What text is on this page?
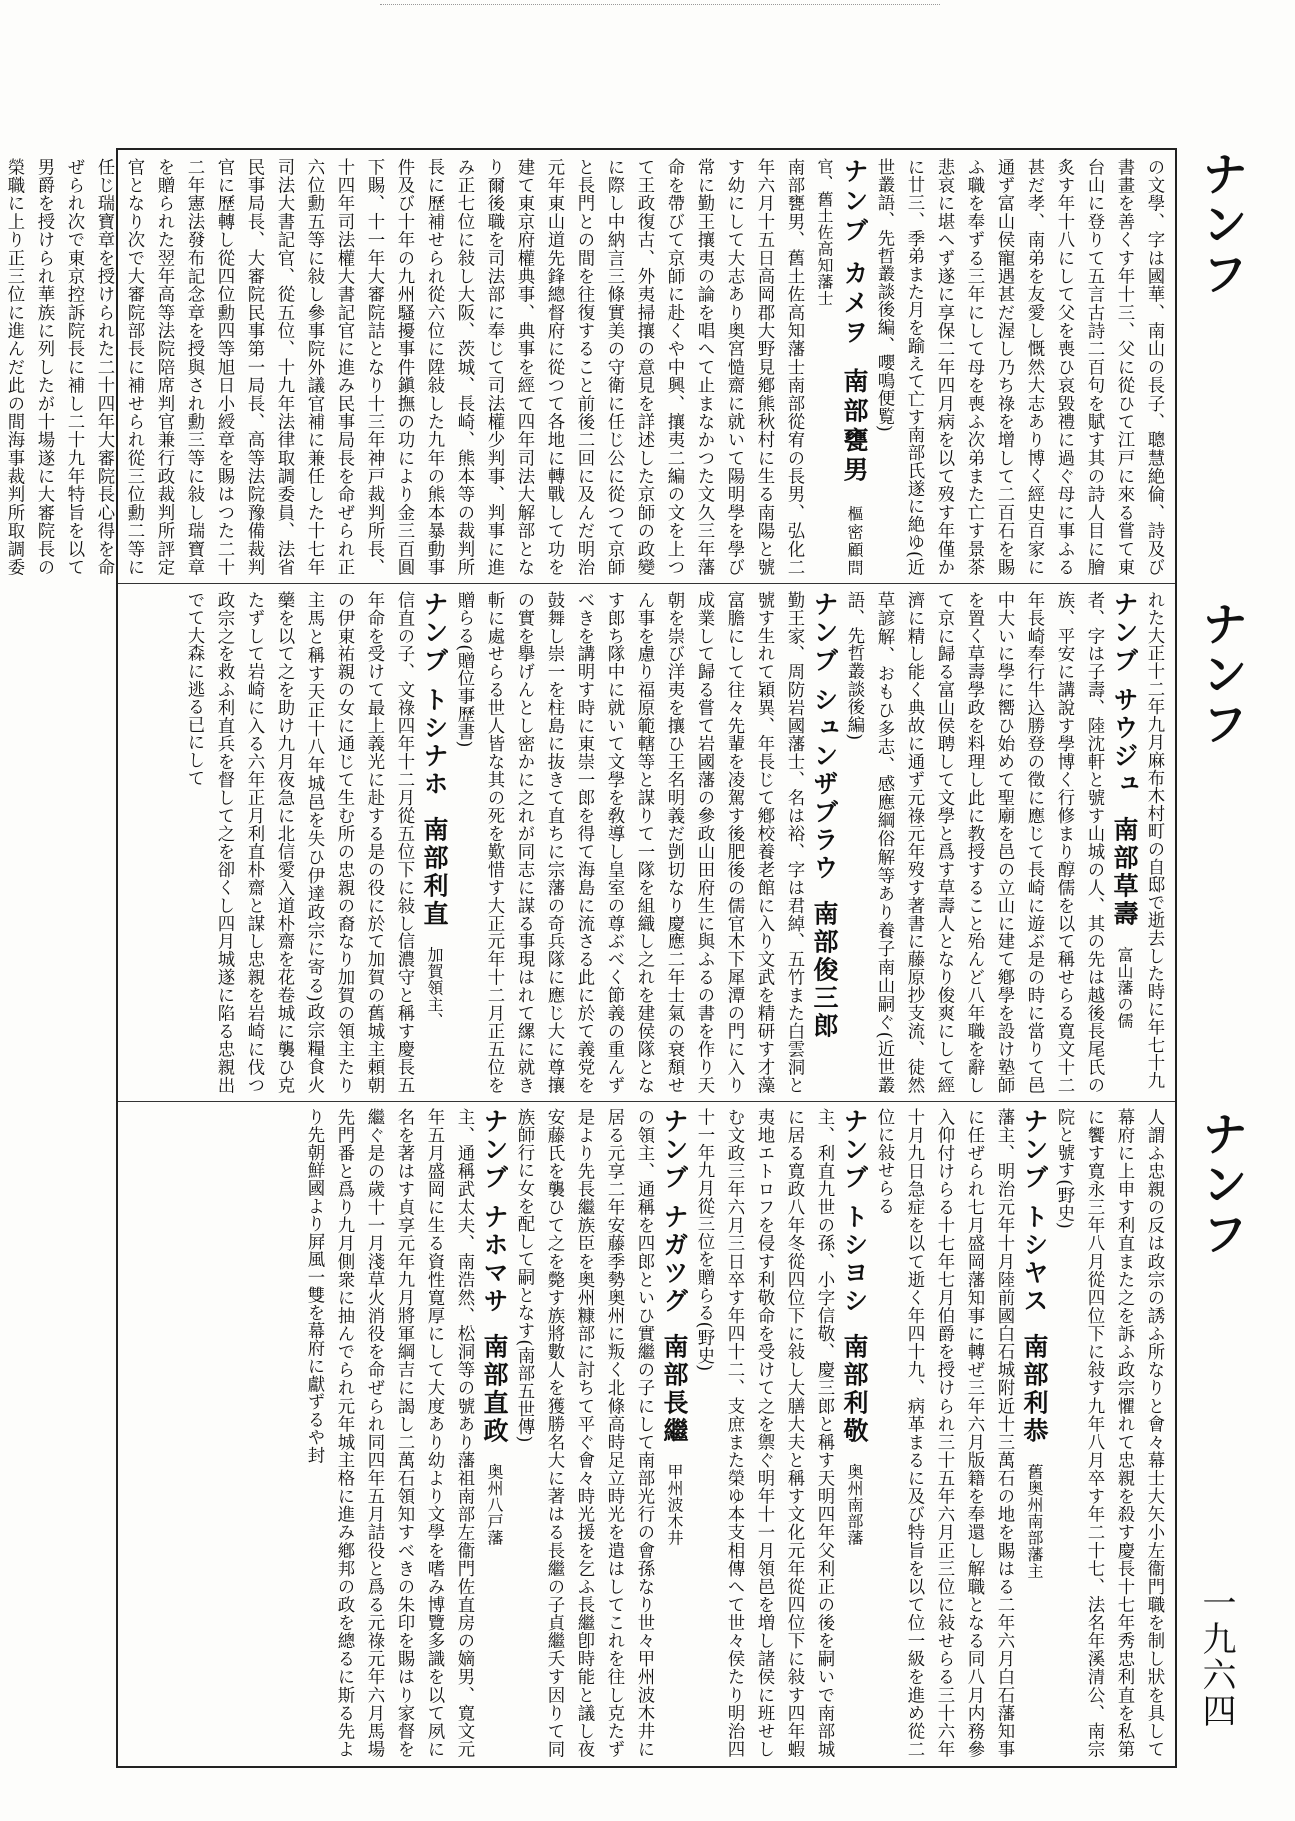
ナンフ
ナンフ
ナンフ
一九六四

の文學、字は國華、南山の長子、聰慧絶倫、詩及び書畫を善くす年十三、父に從ひて江戸に來る嘗て東台山に登りて五言古詩二百句を賦す其の詩人目に膾炙す年十八にして父を喪ひ哀毀禮に過ぐ母に事ふる甚だ孝、南弟を友愛し慨然大志あり博く經史百家に通ず富山侯寵遇甚だ渥し乃ち祿を增して二百石を賜ふ職を奉ずる三年にして母を喪ふ次弟また亡す景茶悲哀に堪へず遂に享保二年四月病を以て歿す年僅かに廿三、季弟また月を踰えて亡す南部氏遂に絶ゆ(近世叢語、先哲叢談後編、嚶鳴便覧)

ナンブ カメヲ　南部甕男　樞密顧問官、舊土佐高知藩士

南部甕男、舊土佐高知藩士南部從宥の長男、弘化二年六月十五日高岡郡大野見鄕熊秋村に生る南陽と號す幼にして大志あり奥宮慥齋に就いて陽明學を學び常に勤王攘夷の論を唱へて止まなかつた文久三年藩命を帶びて京師に赴くや中興、攘夷二編の文を上つて王政復古、外夷掃攘の意見を詳述した京師の政變に際し中納言三條實美の守衛に任じ公に從つて京師と長門との間を往復すること前後二回に及んだ明治元年東山道先鋒總督府に從つて各地に轉戰して功を建て東京府權典事、典事を經て四年司法大解部となり爾後職を司法部に奉じて司法權少判事、判事に進み正七位に敍し大阪、茨城、長崎、熊本等の裁判所長に歷補せられ從六位に陞敍した九年の熊本暴動事件及び十年の九州騷擾事件鎭撫の功により金三百圓下賜、十一年大審院詰となり十三年神戸裁判所長、十四年司法權大書記官に進み民事局長を命ぜられ正六位勳五等に敍し參事院外議官補に兼任した十七年司法大書記官、從五位、十九年法律取調委員、法省民事局長、大審院民事第一局長、高等法院豫備裁判官に歷轉し從四位勳四等旭日小綬章を賜はつた二十二年憲法發布記念章を授與され勳三等に敍し瑞寶章を贈られた翌年高等法院陪席判官兼行政裁判所評定官となり次で大審院部長に補せられ從三位勳二等に任じ瑞寶章を授けられた二十四年大審院長心得を命ぜられ次で東京控訴院長に補し二十九年特旨を以て男爵を授けられ華族に列したが十場遂に大審院長の榮職に上り正三位に進んだ此の間海事裁判所取調委

れた大正十二年九月麻布木村町の自邸で逝去した時に年七十九

ナンブ サウジュ　南部草壽　富山藩の儒

者、字は子壽、陸沈軒と號す山城の人、其の先は越後長尾氏の族、平安に講說す學博く行修まり醇儒を以て稱せらる寛文十二年長崎奉行牛込勝登の徵に應じて長崎に遊ぶ是の時に當りて邑中大いに學に嚮ひ始めて聖廟を邑の立山に建て鄕學を設け塾師を置く草壽學政を料理し此に教授すること殆んど八年職を辭して京に歸る富山侯聘して文學と爲す草壽人となり俊爽にして經濟に精し能く典故に通ず元祿元年歿す著書に藤原抄支流、徒然草諺解、おもひ多志、感應綱俗解等あり養子南山嗣ぐ(近世叢語、先哲叢談後編)

ナンブ シュンザブラウ　南部俊三郎

勤王家、周防岩國藩士、名は裕、字は君綽、五竹また白雲洞と號す生れて穎異、年長じて鄕校養老館に入り文武を精研す才藻富膽にして往々先輩を凌駕す後肥後の儒官木下犀潭の門に入り成業して歸る嘗て岩國藩の參政山田府生に與ふるの書を作り天朝を崇び洋夷を攘ひ王名明義だ剴切なり慶應二年士氣の衰頽せん事を慮り福原範轄等と謀りて一隊を組織し之れを建侯隊となす郎ち隊中に就いて文學を敎導し皇室の尊ぶべく節義の重んずべきを講明す時に東崇一郎を得て海島に流さる此に於て義党を鼓舞し崇一を柱島に抜きて直ちに宗藩の奇兵隊に應じ大に尊攘の實を擧げんとし密かに之れが同志に謀る事現はれて縲に就き斬に處せらる世人皆な其の死を歎惜す大正元年十二月正五位を贈らる(贈位事歷書)

ナンブ トシナホ　南部利直　加賀領主、

信直の子、文祿四年十二月從五位下に敍し信濃守と稱す慶長五年命を受けて最上義光に赴する是の役に於て加賀の舊城主頼朝の伊東祐親の女に通じて生む所の忠親の裔なり加賀の領主たり主馬と稱す天正十八年城邑を失ひ伊達政宗に寄る)政宗糧食火藥を以て之を助け九月夜急に北信愛入道朴齋を花卷城に襲ひ克たずして岩崎に入る六年正月利直朴齋と謀し忠親を岩崎に伐つ政宗之を救ふ利直兵を督して之を卻くし四月城遂に陷る忠親出でて大森に逃る已にして

人謂ふ忠親の反は政宗の誘ふ所なりと會々幕士大矢小左衞門職を制し狀を具して幕府に上申す利直また之を訴ふ政宗懼れて忠親を殺す慶長十七年秀忠利直を私第に饗す寛永三年八月從四位下に敍す九年八月卒す年二十七、法名年溪清公、南宗院と號す(野史)

ナンブ トシヤス　南部利恭　舊奥州南部藩主

藩主、明治元年十月陸前國白石城附近十三萬石の地を賜はる二年六月白石藩知事に任ぜられ七月盛岡藩知事に轉ぜ三年六月版籍を奉還し解職となる同八月内務參入仰付けらる十七年七月伯爵を授けられ三十五年六月正三位に敍せらる三十六年十月九日急症を以て逝く年四十九、病革まるに及び特旨を以て位一級を進め從二位に敍せらる

ナンブ トシヨシ　南部利敬　奥州南部藩

主、利直九世の孫、小字信敬、慶三郎と稱す天明四年父利正の後を嗣いで南部城に居る寛政八年冬從四位下に敍し大膳大夫と稱す文化元年從四位下に敍す四年蝦夷地エトロフを侵す利敬命を受けて之を禦ぐ明年十一月領邑を増し諸侯に班せしむ文政三年六月三日卒す年四十二、支庶また榮ゆ本支相傳へて世々侯たり明治四十一年九月從三位を贈らる(野史)

ナンブ ナガツグ　南部長繼　甲州波木井

の領主、通稱を四郎といひ實繼の子にして南部光行の會孫なり世々甲州波木井に居る元享二年安藤季勢奥州に叛く北條高時足立時光を遣はしてこれを往し克たず是より先長繼族臣を奥州糠部に討ちて平ぐ會々時光援を乞ふ長繼卽時能と議し夜安藤氏を襲ひて之を斃す族將數人を獲勝名大に著はる長繼の子貞繼夭す因りて同族師行に女を配して嗣となす(南部五世傳)

ナンブ ナホマサ　南部直政　奥州八戸藩

主、通稱武太夫、南浩然、松洞等の號あり藩祖南部左衞門佐直房の嫡男、寛文元年五月盛岡に生る資性寛厚にして大度あり幼より文學を嗜み博覽多識を以て夙に名を著はす貞享元年九月將軍綱吉に謁し二萬石領知すべきの朱印を賜はり家督を繼ぐ是の歲十一月淺草火消役を命ぜられ同四年五月詰役と爲る元祿元年六月馬場先門番と爲り九月側衆に抽んでられ元年城主格に進み鄕邦の政を總るに斯る先より先朝鮮國より屛風一雙を幕府に獻ずるや封
